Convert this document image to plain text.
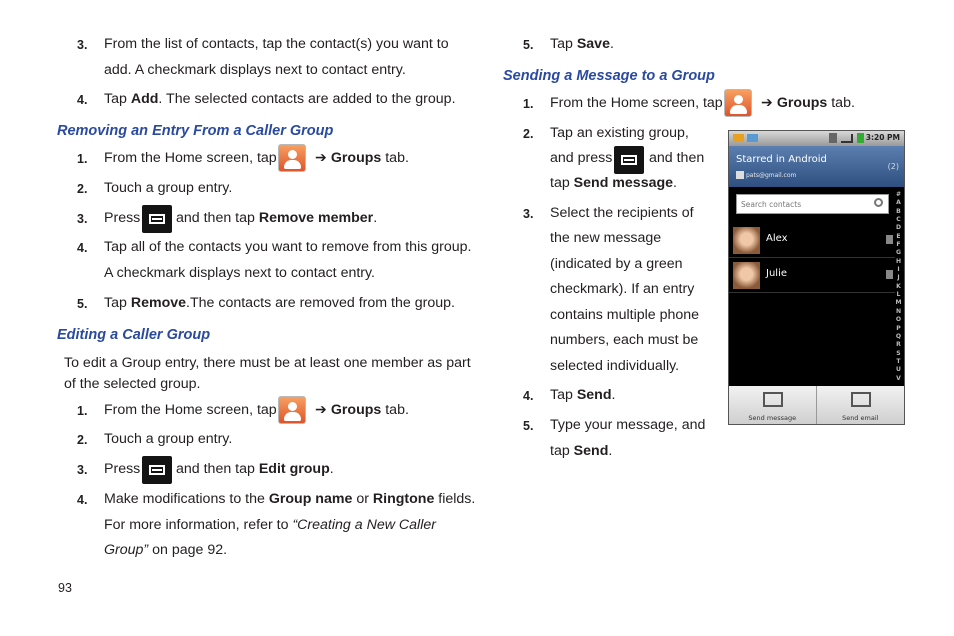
3. From the list of contacts, tap the contact(s) you want to
add. A checkmark displays next to contact entry.
4. Tap Add. The selected contacts are added to the group.
Removing an Entry From a Caller Group
1. From the Home screen, tap	➔ Groups tab.
2. Touch a group entry.
3. Press	and then tap Remove member.
4. Tap all of the contacts you want to remove from this group.
A checkmark displays next to contact entry.
5. Tap Remove.The contacts are removed from the group.
Editing a Caller Group
To edit a Group entry, there must be at least one member as part
of the selected group.
1. From the Home screen, tap	➔ Groups tab.
2. Touch a group entry.
3. Press	and then tap Edit group.
4. Make modifications to the Group name or Ringtone fields.
For more information, refer to “Creating a New Caller
Group” on page 92.
93
5. Tap Save.
Sending a Message to a Group
1. From the Home screen, tap	➔ Groups tab.
2. Tap an existing group,
and press	and then
tap Send message.
3. Select the recipients of
the new message
(indicated by a green
checkmark). If an entry
contains multiple phone
numbers, each must be
selected individually.
4. Tap Send.
5. Type your message, and
tap Send.
3:20 PM
Starred in Android
pats@gmail.com
(2)
Search contacts
Alex
Julie
#
A
B
C
D
E
F
G
H
I
J
K
L
M
N
O
P
Q
R
S
T
U
V
Send message	Send email
